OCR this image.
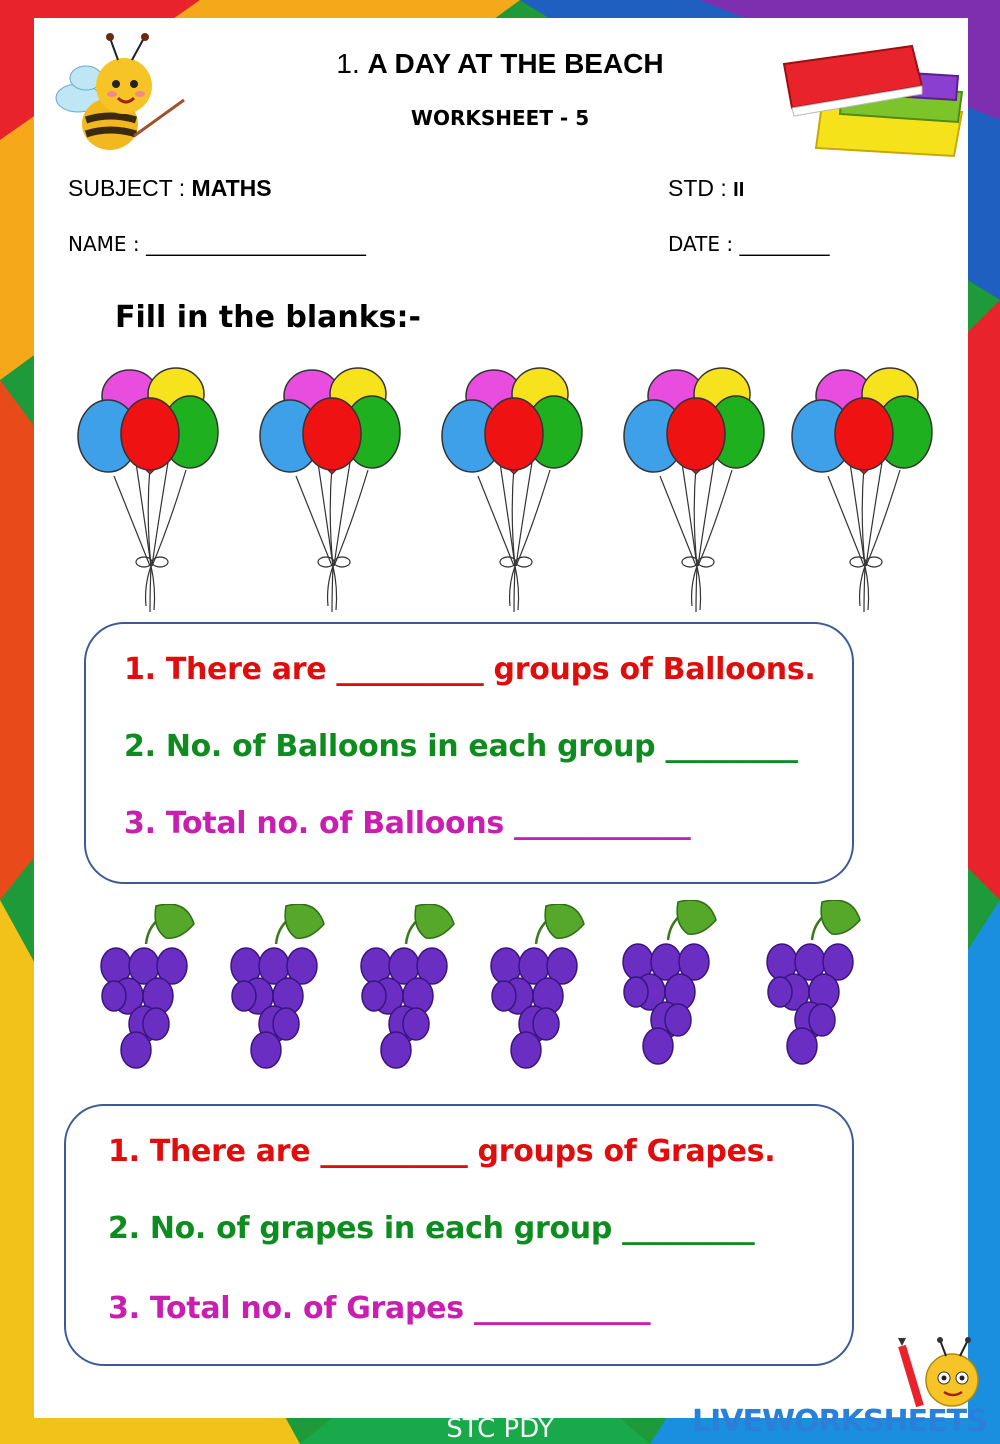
1. A DAY AT THE BEACH
WORKSHEET - 5
SUBJECT : MATHS	STD : II
NAME : ______________________	DATE : _________
Fill in the blanks:-
1. There are __________ groups of Balloons.
2. No. of Balloons in each group _________
3. Total no. of Balloons ____________
1. There are __________ groups of Grapes.
2. No. of grapes in each group _________
3. Total no. of Grapes ____________
STC PDY	LIVEWORKSHEETS
